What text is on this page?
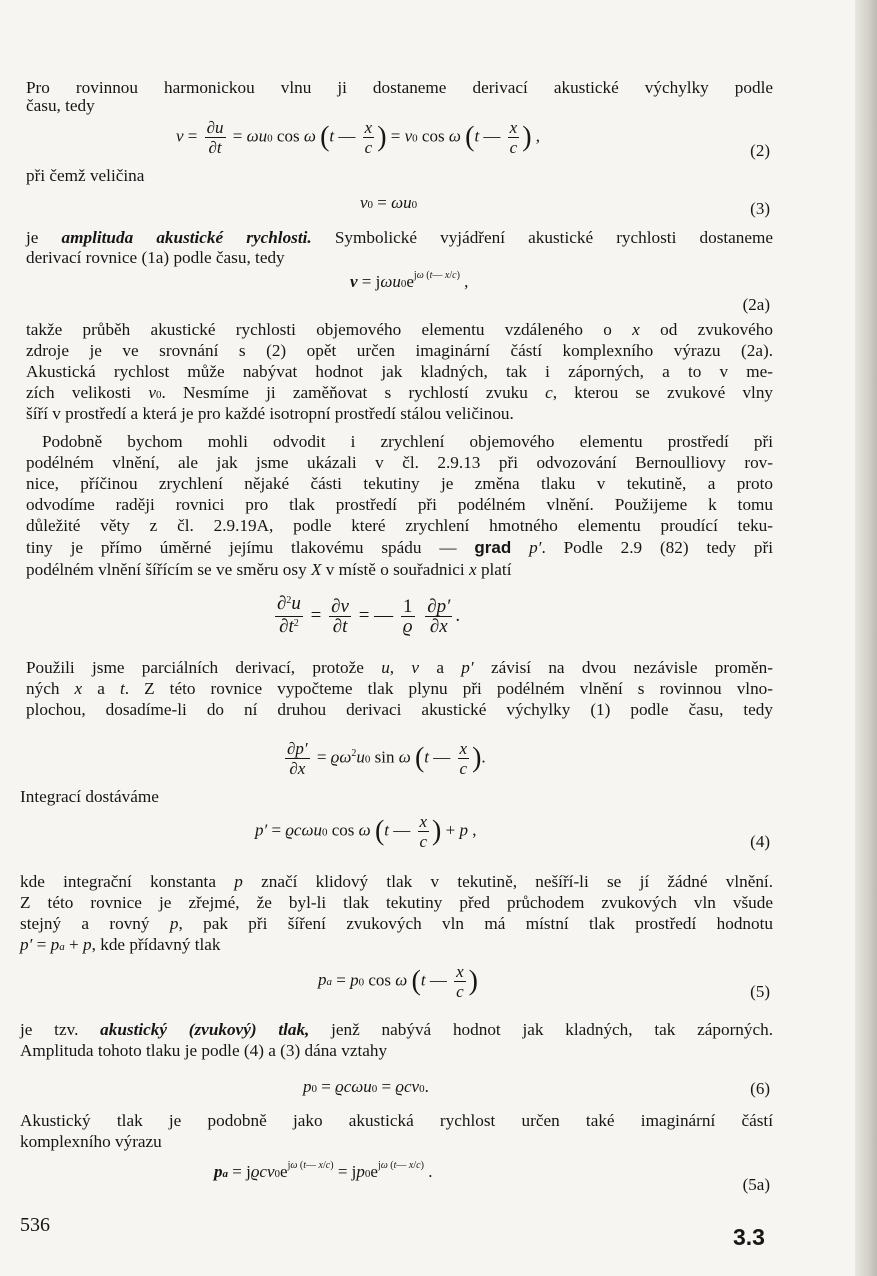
Pro rovinnou harmonickou vlnu ji dostaneme derivací akustické výchylky podle
času, tedy
$v = \frac{\partial u}{\partial t} = \omega u0$ cos ω (t — $\frac{x}{c}$ ) = v0 cos ω (t — $\frac{x}{c}$ ) ,
(2)
při čemž veličina
v0 = ωu0	(3)
je amplituda akustické rychlosti. Symbolické vyjádření akustické rychlosti dostaneme
derivací rovnice (1a) podle času, tedy
$v = j\omega u0e^{j\omega (t— x/c)}$ ,
(2a)
takže průběh akustické rychlosti objemového elementu vzdáleného o x od zvukového
zdroje je ve srovnání s (2) opět určen imaginární částí komplexního výrazu (2a).
Akustická rychlost může nabývat hodnot jak kladných, tak i záporných, a to v me-
zích velikosti v0. Nesmíme ji zaměňovat s rychlostí zvuku c, kterou se zvukové vlny
šíří v prostředí a která je pro každé isotropní prostředí stálou veličinou.
Podobně bychom mohli odvodit i zrychlení objemového elementu prostředí při
podélném vlnění, ale jak jsme ukázali v čl. 2.9.13 při odvozování Bernoulliovy rov-
nice, příčinou zrychlení nějaké části tekutiny je změna tlaku v tekutině, a proto
odvodíme raději rovnici pro tlak prostředí při podélném vlnění. Použijeme k tomu
důležité věty z čl. 2.9.19A, podle které zrychlení hmotného elementu proudící teku-
tiny je přímo úměrné jejímu tlakovému spádu — grad p′. Podle 2.9 (82) tedy při
podélném vlnění šířícím se ve směru osy X v místě o souřadnici x platí
$\frac{\partial^2u}{\partial t^2} = \frac{\partial v}{\partial t}$ = — $\frac{1}{ϱ}$
$\frac{\partial p'}{\partial x}$ .
Použili jsme parciálních derivací, protože u, v a p′ závisí na dvou nezávisle proměn-
ných x a t. Z této rovnice vypočteme tlak plynu při podélném vlnění s rovinnou vlno-
plochou, dosadíme-li do ní druhou derivaci akustické výchylky (1) podle času, tedy
$\frac{\partial p'}{\partial x} = ϱ\omega^2u0$ sin ω (t — $\frac{x}{c}$ ).
Integrací dostáváme
p′ = ϱcωu0 cos ω (t — $\frac{x}{c}$ ) + p ,
(4)
kde integrační konstanta p značí klidový tlak v tekutině, nešíří-li se jí žádné vlnění.
Z této rovnice je zřejmé, že byl-li tlak tekutiny před průchodem zvukových vln všude
stejný a rovný p, pak při šíření zvukových vln má místní tlak prostředí hodnotu
p′ = pa + p, kde přídavný tlak
pa = p0 cos ω (t — $\frac{x}{c}$ )	(5)
je tzv. akustický (zvukový) tlak, jenž nabývá hodnot jak kladných, tak záporných.
Amplituda tohoto tlaku je podle (4) a (3) dána vztahy
p0 = ϱcωu0 = ϱcv0.	(6)
Akustický tlak je podobně jako akustická rychlost určen také imaginární částí
komplexního výrazu
pa = $jϱcv0e^{j\omega (t— x/c)} = jp0e^{j\omega (t— x/c)}$ .
(5a)
536	3.3
